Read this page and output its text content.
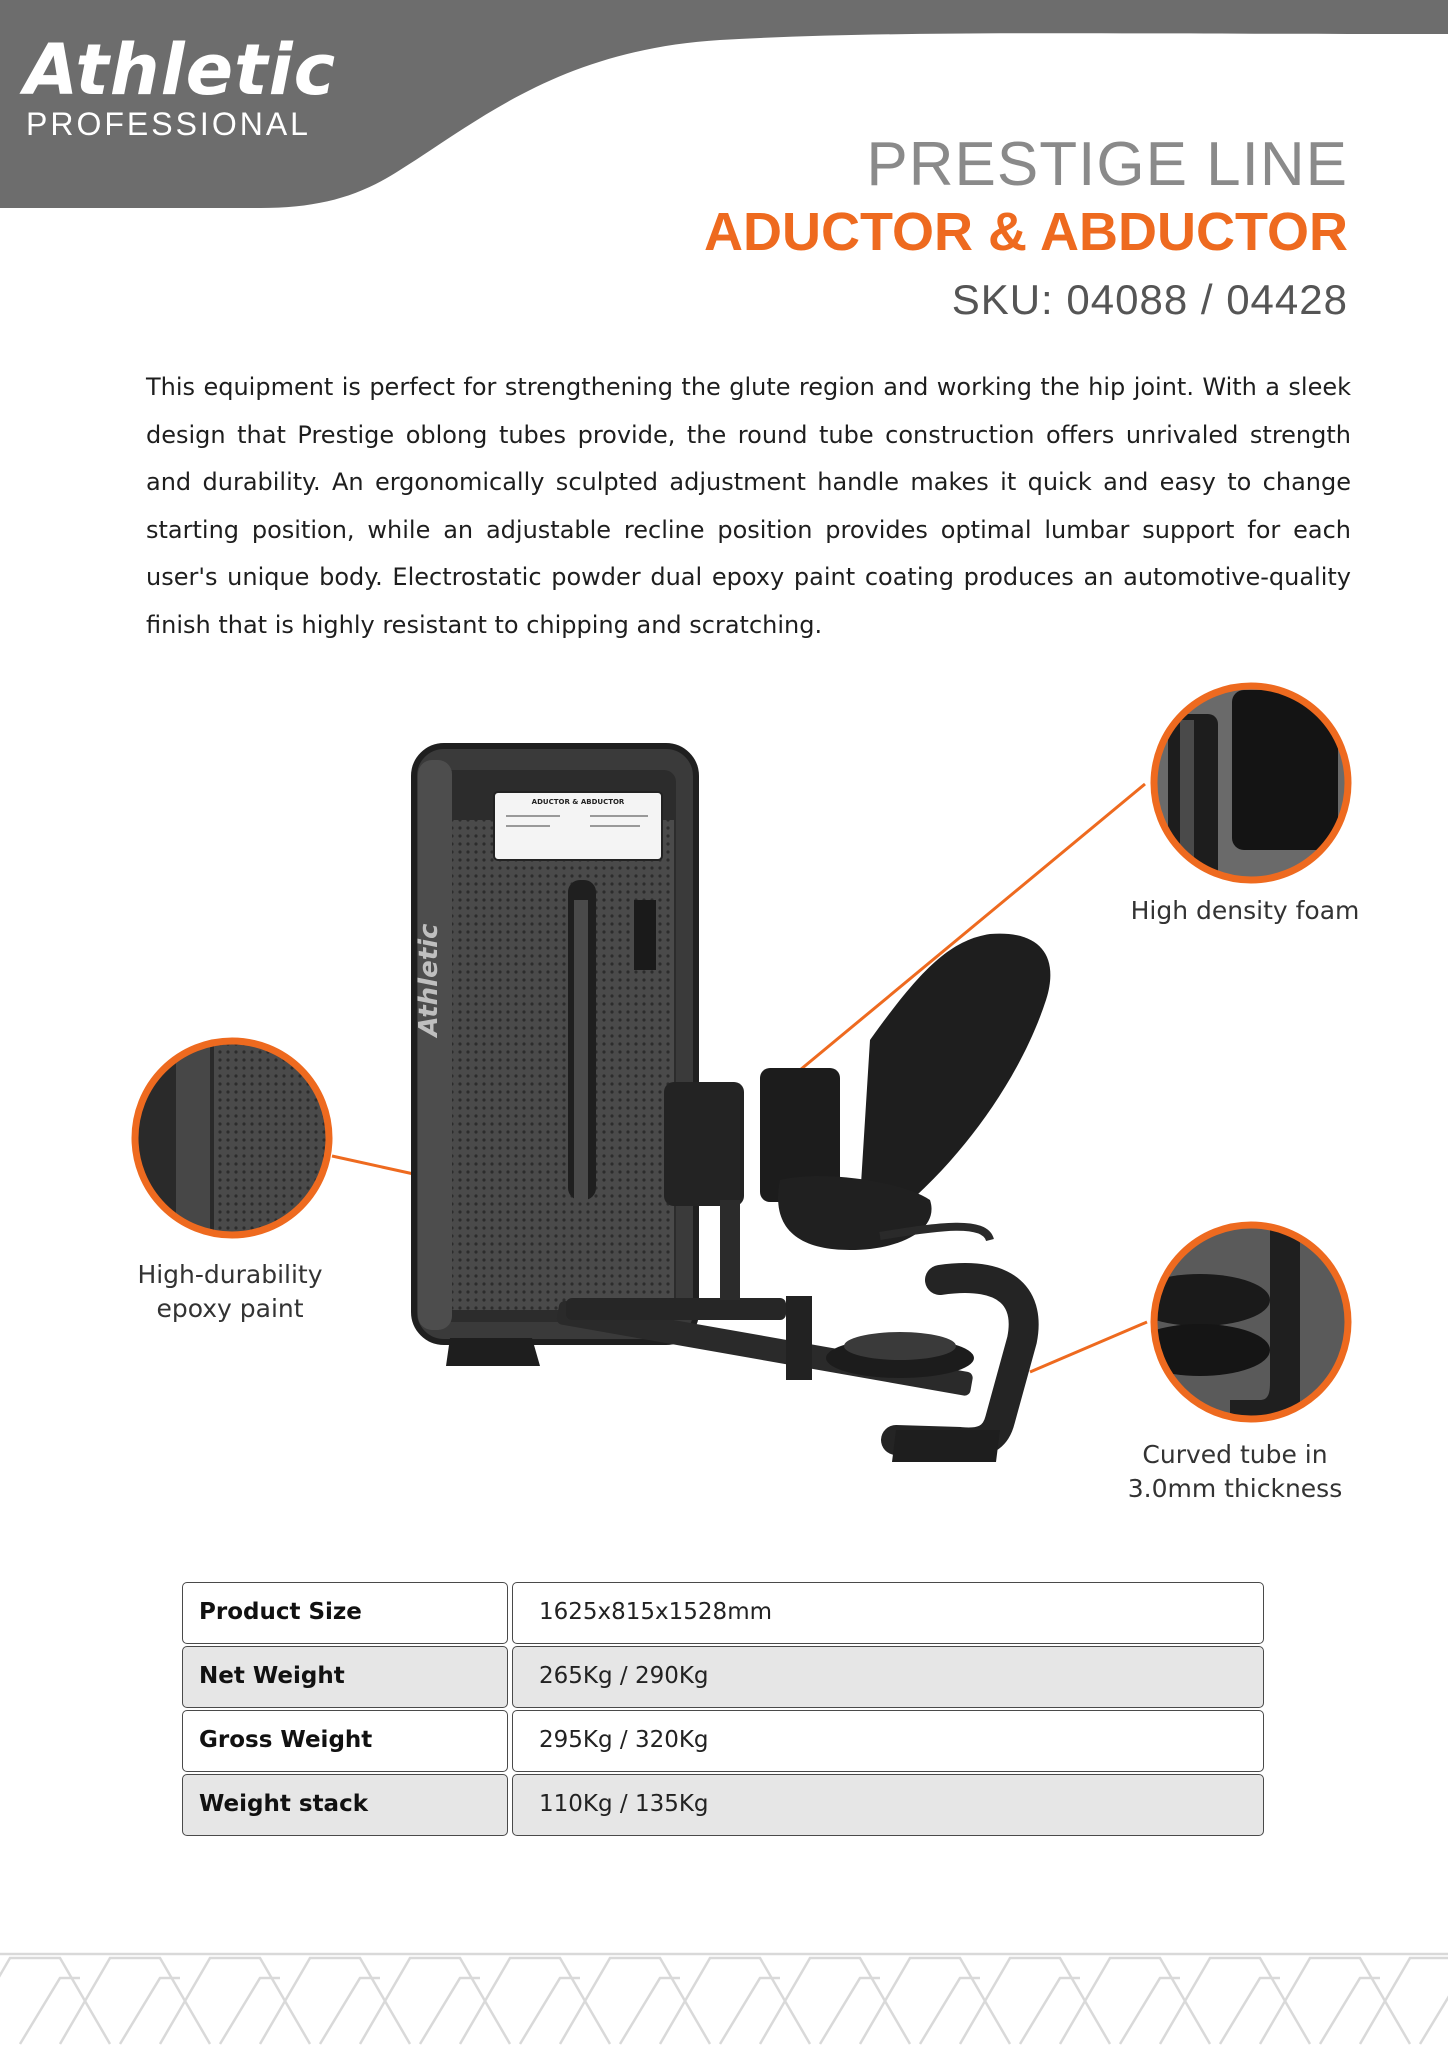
Athletic
PROFESSIONAL
PRESTIGE LINE
ADUCTOR & ABDUCTOR
SKU: 04088 / 04428
This equipment is perfect for strengthening the glute region and working the hip joint. With a sleek design that Prestige oblong tubes provide, the round tube construction offers unrivaled strength and durability. An ergonomically sculpted adjustment handle makes it quick and easy to change starting position, while an adjustable recline position provides optimal lumbar support for each user's unique body. Electrostatic powder dual epoxy paint coating produces an automotive-quality finish that is highly resistant to chipping and scratching.
Athletic
ADUCTOR & ABDUCTOR
High density foam
High-durability
epoxy paint
Curved tube in
3.0mm thickness
Product Size	1625x815x1528mm
Net Weight	265Kg / 290Kg
Gross Weight	295Kg / 320Kg
Weight stack	110Kg / 135Kg
